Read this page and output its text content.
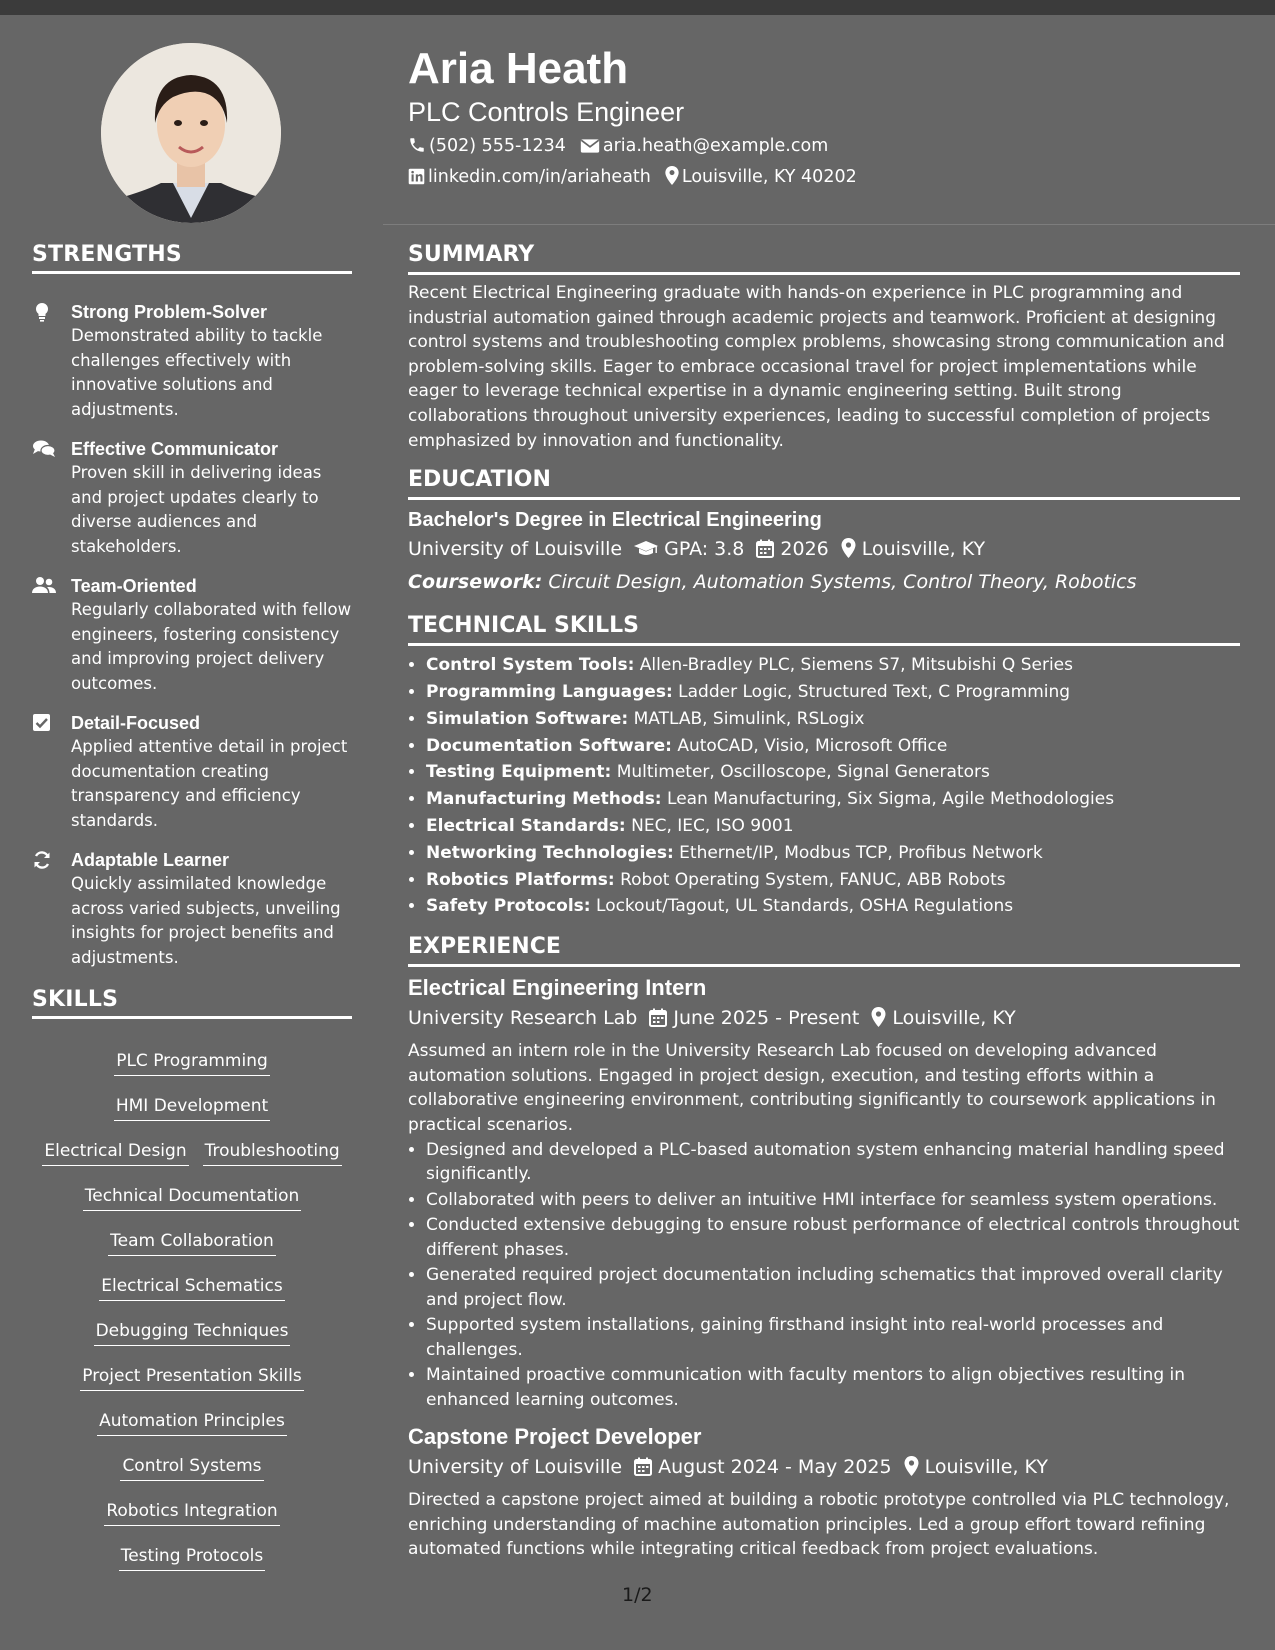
Aria Heath
PLC Controls Engineer
(502) 555-1234 aria.heath@example.com
linkedin.com/in/ariaheath Louisville, KY 40202
STRENGTHS
Strong Problem-Solver
Demonstrated ability to tackle challenges effectively with innovative solutions and adjustments.
Effective Communicator
Proven skill in delivering ideas and project updates clearly to diverse audiences and stakeholders.
Team-Oriented
Regularly collaborated with fellow engineers, fostering consistency and improving project delivery outcomes.
Detail-Focused
Applied attentive detail in project documentation creating transparency and efficiency standards.
Adaptable Learner
Quickly assimilated knowledge across varied subjects, unveiling insights for project benefits and adjustments.
SKILLS
PLC Programming
HMI Development
Electrical Design Troubleshooting
Technical Documentation
Team Collaboration
Electrical Schematics
Debugging Techniques
Project Presentation Skills
Automation Principles
Control Systems
Robotics Integration
Testing Protocols
SUMMARY
Recent Electrical Engineering graduate with hands-on experience in PLC programming and industrial automation gained through academic projects and teamwork. Proficient at designing control systems and troubleshooting complex problems, showcasing strong communication and problem-solving skills. Eager to embrace occasional travel for project implementations while eager to leverage technical expertise in a dynamic engineering setting. Built strong collaborations throughout university experiences, leading to successful completion of projects emphasized by innovation and functionality.
EDUCATION
Bachelor's Degree in Electrical Engineering
University of Louisville GPA: 3.8 2026 Louisville, KY
Coursework: Circuit Design, Automation Systems, Control Theory, Robotics
TECHNICAL SKILLS
• Control System Tools: Allen-Bradley PLC, Siemens S7, Mitsubishi Q Series
• Programming Languages: Ladder Logic, Structured Text, C Programming
• Simulation Software: MATLAB, Simulink, RSLogix
• Documentation Software: AutoCAD, Visio, Microsoft Office
• Testing Equipment: Multimeter, Oscilloscope, Signal Generators
• Manufacturing Methods: Lean Manufacturing, Six Sigma, Agile Methodologies
• Electrical Standards: NEC, IEC, ISO 9001
• Networking Technologies: Ethernet/IP, Modbus TCP, Profibus Network
• Robotics Platforms: Robot Operating System, FANUC, ABB Robots
• Safety Protocols: Lockout/Tagout, UL Standards, OSHA Regulations
EXPERIENCE
Electrical Engineering Intern
University Research Lab June 2025 - Present Louisville, KY
Assumed an intern role in the University Research Lab focused on developing advanced automation solutions. Engaged in project design, execution, and testing efforts within a collaborative engineering environment, contributing significantly to coursework applications in practical scenarios.
• Designed and developed a PLC-based automation system enhancing material handling speed significantly.
• Collaborated with peers to deliver an intuitive HMI interface for seamless system operations.
• Conducted extensive debugging to ensure robust performance of electrical controls throughout different phases.
• Generated required project documentation including schematics that improved overall clarity and project flow.
• Supported system installations, gaining firsthand insight into real-world processes and challenges.
• Maintained proactive communication with faculty mentors to align objectives resulting in enhanced learning outcomes.
Capstone Project Developer
University of Louisville August 2024 - May 2025 Louisville, KY
Directed a capstone project aimed at building a robotic prototype controlled via PLC technology, enriching understanding of machine automation principles. Led a group effort toward refining automated functions while integrating critical feedback from project evaluations.
1/2
